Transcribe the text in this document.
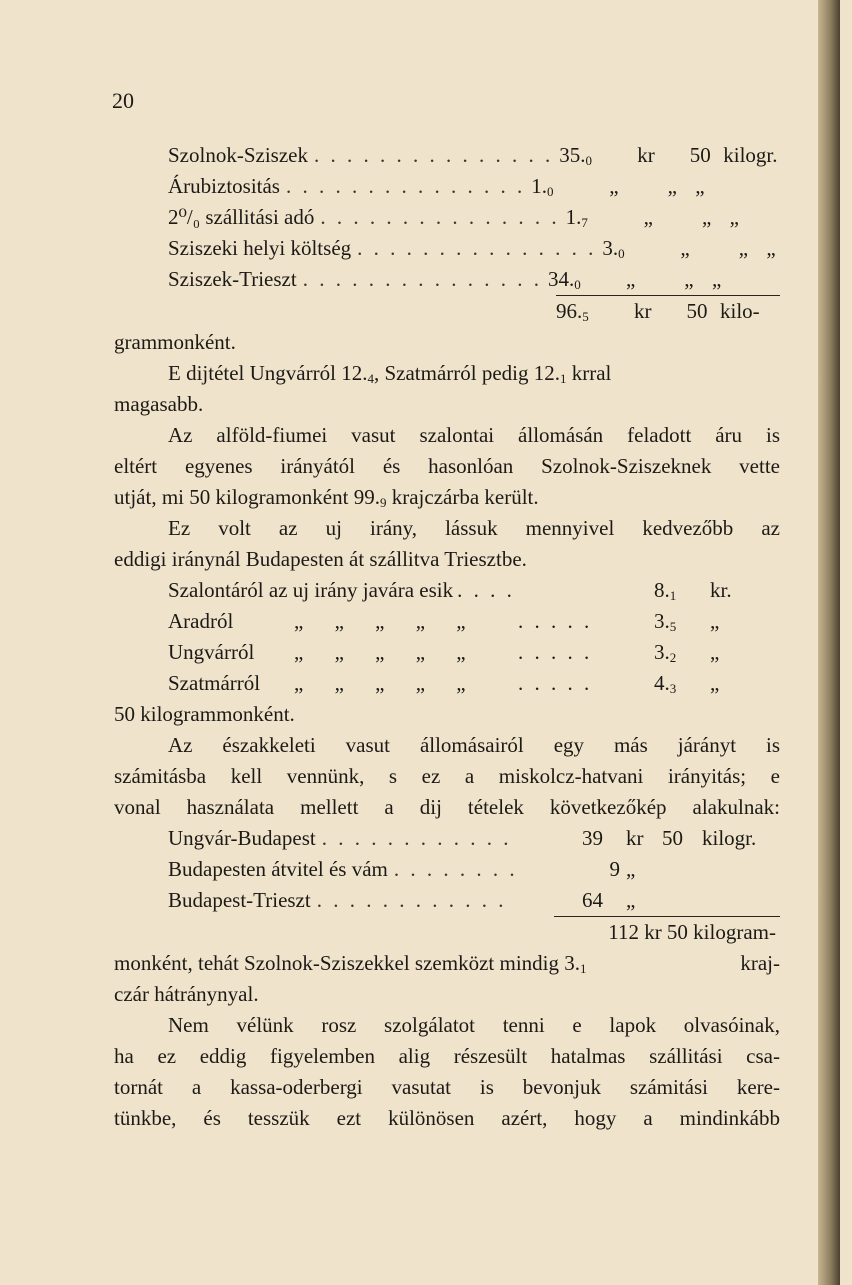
20
Szolnok-Sziszek . . . . . . . . . . . . . . . $35._0$	kr	50 kilogr.
Árubiztositás . . . . . . . . . . . . . . . $1._0$	„	„ „
2⁰/₀ szállitási adó . . . . . . . . . . . . . . . $1._7$	„	„ „
Sziszeki helyi költség . . . . . . . . . . . . . . . $3._0$	„	„ „
Sziszek-Trieszt . . . . . . . . . . . . . . . $34._0$	„	„ „
$96._5$	kr	50 kilo-
grammonként.
E dijtétel Ungvárról $12._4$, Szatmárról pedig $12._1$ krral
magasabb.
Az alföld-fiumei vasut szalontai állomásán feladott áru is
eltért egyenes irányától és hasonlóan Szolnok-Sziszeknek vette
utját, mi 50 kilogramonként $99._9$ krajczárba került.
Ez volt az uj irány, lássuk mennyivel kedvezőbb az
eddigi iránynál Budapesten át szállitva Triesztbe.
Szalontáról az uj irány javára esik . . . .	$8._1$	kr.
Aradról	„ „ „ „ „	. . . . .	$3._5$	„
Ungvárról	„ „ „ „ „	. . . . .	$3._2$	„
Szatmárról	„ „ „ „ „	. . . . .	$4._3$	„
50 kilogrammonként.
Az északkeleti vasut állomásairól egy más járányt is
számitásba kell vennünk, s ez a miskolcz-hatvani irányitás; e
vonal használata mellett a dij tételek következőkép alakulnak:
Ungvár-Budapest . . . . . . . . . . . .	39	kr 50 kilogr.
Budapesten átvitel és vám . . . . . . . .	9 „
Budapest-Trieszt . . . . . . . . . . . .	64	„
112 kr 50 kilogram-
monként, tehát Szolnok-Sziszekkel szemközt mindig $3._1$	kraj-
czár hátránynyal.
Nem vélünk rosz szolgálatot tenni e lapok olvasóinak,
ha ez eddig figyelemben alig részesült hatalmas szállitási csa-
tornát a kassa-oderbergi vasutat is bevonjuk számitási kere-
tünkbe, és tesszük ezt különösen azért, hogy a mindinkább
